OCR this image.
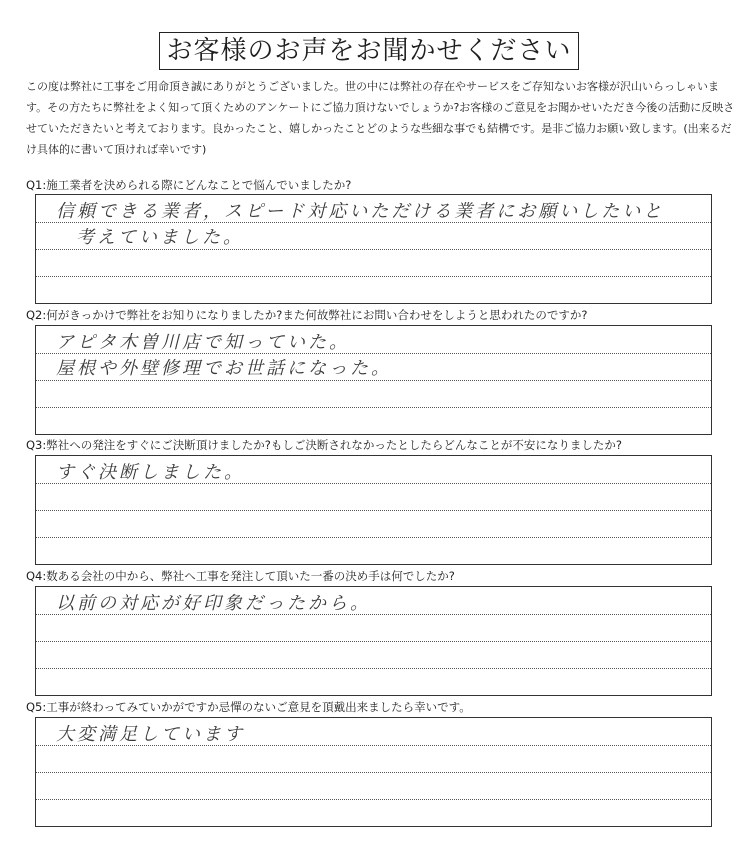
お客様のお声をお聞かせください

この度は弊社に工事をご用命頂き誠にありがとうございました。世の中には弊社の存在やサービスをご存知ないお客様が沢山いらっしゃいます。その方たちに弊社をよく知って頂くためのアンケートにご協力頂けないでしょうか?お客様のご意見をお聞かせいただき今後の活動に反映させていただきたいと考えております。良かったこと、嬉しかったことどのような些細な事でも結構です。是非ご協力お願い致します。(出来るだけ具体的に書いて頂ければ幸いです)

Q1:施工業者を決められる際にどんなことで悩んでいましたか?
信頼できる業者，スピード対応いただける業者にお願いしたいと
考えていました。
Q2:何がきっかけで弊社をお知りになりましたか?また何故弊社にお問い合わせをしようと思われたのですか?
アピタ木曽川店で知っていた。
屋根や外壁修理でお世話になった。
Q3:弊社への発注をすぐにご決断頂けましたか?もしご決断されなかったとしたらどんなことが不安になりましたか?
すぐ決断しました。
Q4:数ある会社の中から、弊社へ工事を発注して頂いた一番の決め手は何でしたか?
以前の対応が好印象だったから。
Q5:工事が終わってみていかがですか忌憚のないご意見を頂戴出来ましたら幸いです。
大変満足しています
